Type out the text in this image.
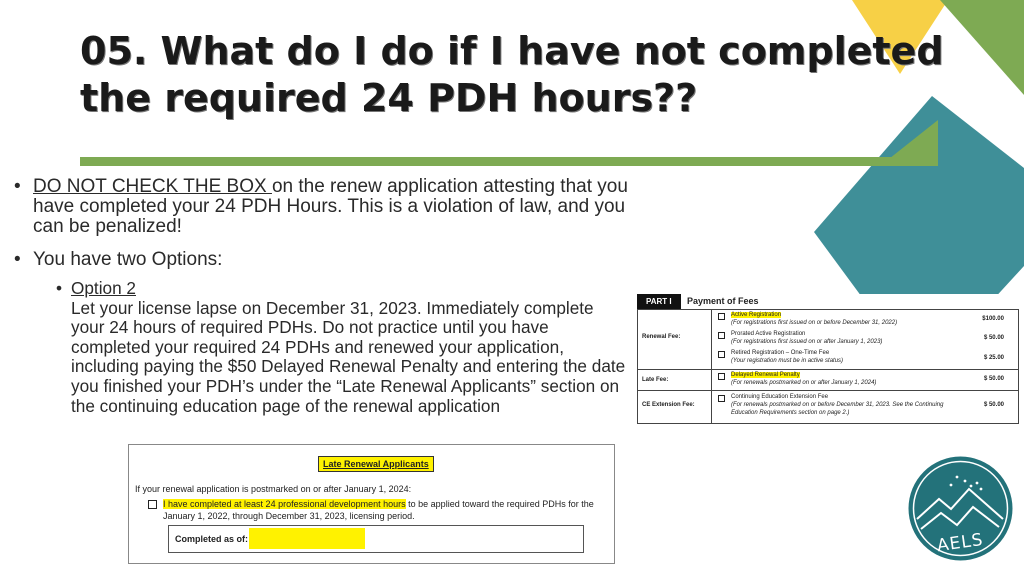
05. What do I do if I have not completed
the required 24 PDH hours??
• DO NOT CHECK THE BOX on the renew application attesting that you have completed your 24 PDH Hours. This is a violation of law, and you can be penalized!
• You have two Options:
• Option 2
Let your license lapse on December 31, 2023. Immediately complete your 24 hours of required PDHs. Do not practice until you have completed your required 24 PDHs and renewed your application, including paying the $50 Delayed Renewal Penalty and entering the date you finished your PDH’s under the “Late Renewal Applicants” section on the continuing education page of the renewal application
Late Renewal Applicants
If your renewal application is postmarked on or after January 1, 2024:
I have completed at least 24 professional development hours to be applied toward the required PDHs for the January 1, 2022, through December 31, 2023, licensing period.
Completed as of:
PART I	Payment of Fees
Renewal Fee:
Late Fee:
CE Extension Fee:
Active Registration
(For registrations first issued on or before December 31, 2022)
$100.00
Prorated Active Registration
(For registrations first issued on or after January 1, 2023)
$ 50.00
Retired Registration – One-Time Fee
(Your registration must be in active status)	$ 25.00
Delayed Renewal Penalty
(For renewals postmarked on or after January 1, 2024)
$ 50.00
Continuing Education Extension Fee
(For renewals postmarked on or before December 31, 2023. See the Continuing
Education Requirements section on page 2.)
$ 50.00
AELS
